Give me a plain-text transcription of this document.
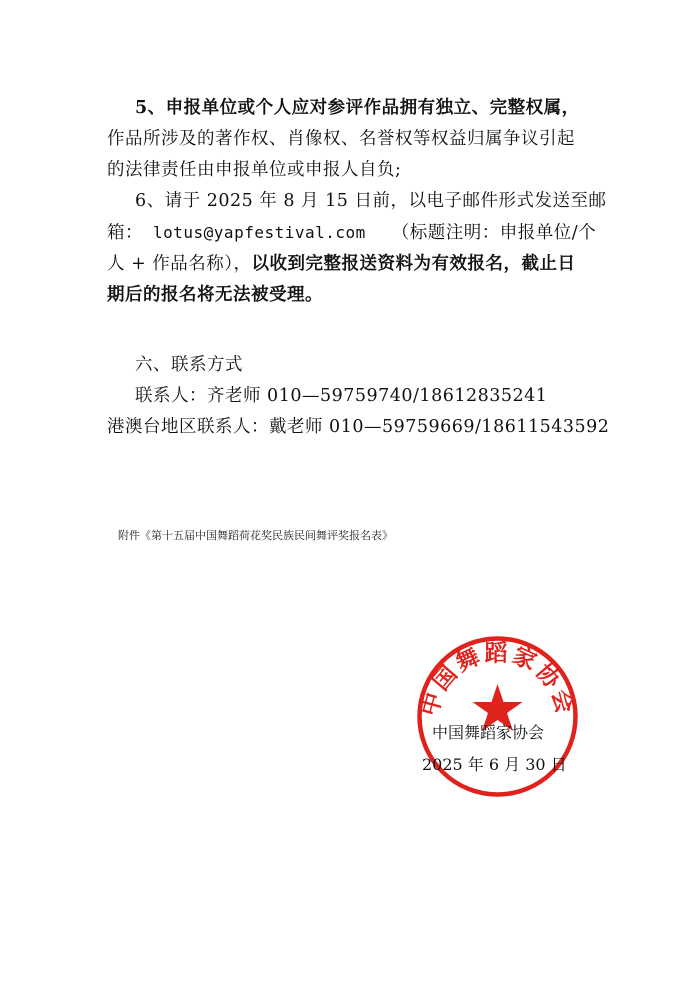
5、申报单位或个人应对参评作品拥有独立、完整权属，
作品所涉及的著作权、肖像权、名誉权等权益归属争议引起
的法律责任由申报单位或申报人自负;
6、请于 2025 年 8 月 15 日前，以电子邮件形式发送至邮
箱： lotus@yapfestival.com （标题注明：申报单位/个
人 + 作品名称），以收到完整报送资料为有效报名，截止日
期后的报名将无法被受理。
六、联系方式
联系人：齐老师 010—59759740/18612835241
港澳台地区联系人：戴老师 010—59759669/18611543592
附件《第十五届中国舞蹈荷花奖民族民间舞评奖报名表》
中国舞蹈家协会
中国舞蹈家协会
2025 年 6 月 30 日
